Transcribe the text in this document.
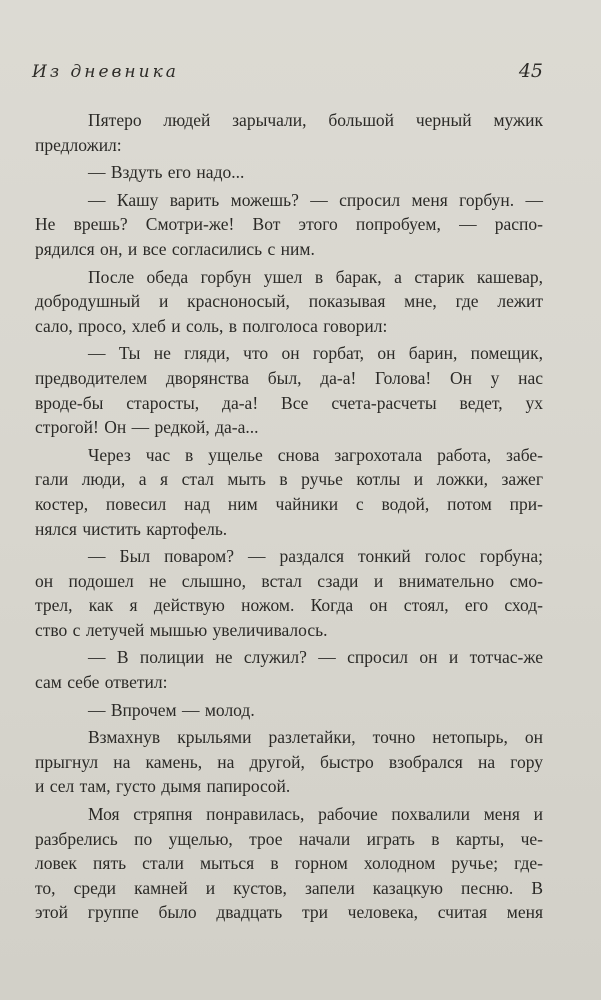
Из дневника	45
Пятеро людей зарычали, большой черный мужик
предложил:
— Вздуть его надо...
— Кашу варить можешь? — спросил меня горбун. —
Не врешь? Смотри-же! Вот этого попробуем, — распо-
рядился он, и все согласились с ним.
После обеда горбун ушел в барак, а старик кашевар,
добродушный и красноносый, показывая мне, где лежит
сало, просо, хлеб и соль, в полголоса говорил:
— Ты не гляди, что он горбат, он барин, помещик,
предводителем дворянства был, да-а! Голова! Он у нас
вроде-бы старосты, да-а! Все счета-расчеты ведет, ух
строгой! Он — редкой, да-а...
Через час в ущелье снова загрохотала работа, забе-
гали люди, а я стал мыть в ручье котлы и ложки, зажег
костер, повесил над ним чайники с водой, потом при-
нялся чистить картофель.
— Был поваром? — раздался тонкий голос горбуна;
он подошел не слышно, встал сзади и внимательно смо-
трел, как я действую ножом. Когда он стоял, его сход-
ство с летучей мышью увеличивалось.
— В полиции не служил? — спросил он и тотчас-же
сам себе ответил:
— Впрочем — молод.
Взмахнув крыльями разлетайки, точно нетопырь, он
прыгнул на камень, на другой, быстро взобрался на гору
и сел там, густо дымя папиросой.
Моя стряпня понравилась, рабочие похвалили меня и
разбрелись по ущелью, трое начали играть в карты, че-
ловек пять стали мыться в горном холодном ручье; где-
то, среди камней и кустов, запели казацкую песню. В
этой группе было двадцать три человека, считая меня
